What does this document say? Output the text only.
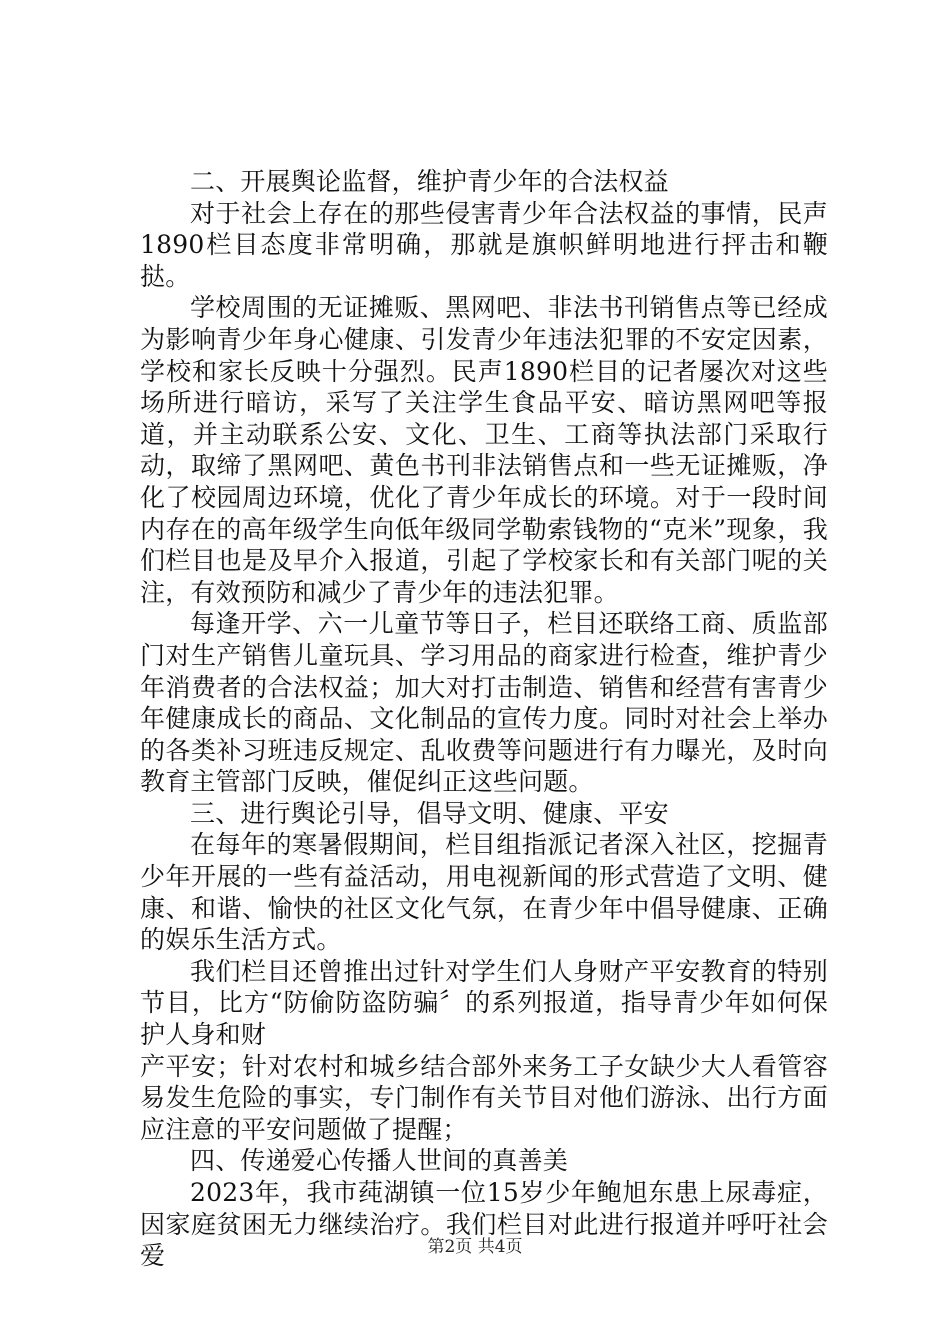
二、开展舆论监督，维护青少年的合法权益

对于社会上存在的那些侵害青少年合法权益的事情，民声1890栏目态度非常明确，那就是旗帜鲜明地进行抨击和鞭挞。

学校周围的无证摊贩、黑网吧、非法书刊销售点等已经成为影响青少年身心健康、引发青少年违法犯罪的不安定因素，学校和家长反映十分强烈。民声1890栏目的记者屡次对这些场所进行暗访，采写了关注学生食品平安、暗访黑网吧等报道，并主动联系公安、文化、卫生、工商等执法部门采取行动，取缔了黑网吧、黄色书刊非法销售点和一些无证摊贩，净化了校园周边环境，优化了青少年成长的环境。对于一段时间内存在的高年级学生向低年级同学勒索钱物的“克米”现象，我们栏目也是及早介入报道，引起了学校家长和有关部门呢的关注，有效预防和减少了青少年的违法犯罪。

每逢开学、六一儿童节等日子，栏目还联络工商、质监部门对生产销售儿童玩具、学习用品的商家进行检查，维护青少年消费者的合法权益；加大对打击制造、销售和经营有害青少年健康成长的商品、文化制品的宣传力度。同时对社会上举办的各类补习班违反规定、乱收费等问题进行有力曝光，及时向教育主管部门反映，催促纠正这些问题。

三、进行舆论引导，倡导文明、健康、平安

在每年的寒暑假期间，栏目组指派记者深入社区，挖掘青少年开展的一些有益活动，用电视新闻的形式营造了文明、健康、和谐、愉快的社区文化气氛，在青少年中倡导健康、正确的娱乐生活方式。

我们栏目还曾推出过针对学生们人身财产平安教育的特别节目，比方“防偷防盗防骗〞的系列报道，指导青少年如何保护人身和财

产平安；针对农村和城乡结合部外来务工子女缺少大人看管容易发生危险的事实，专门制作有关节目对他们游泳、出行方面应注意的平安问题做了提醒；

四、传递爱心传播人世间的真善美

2023年，我市莼湖镇一位15岁少年鲍旭东患上尿毒症，因家庭贫困无力继续治疗。我们栏目对此进行报道并呼吁社会爱	第2页 共4页
